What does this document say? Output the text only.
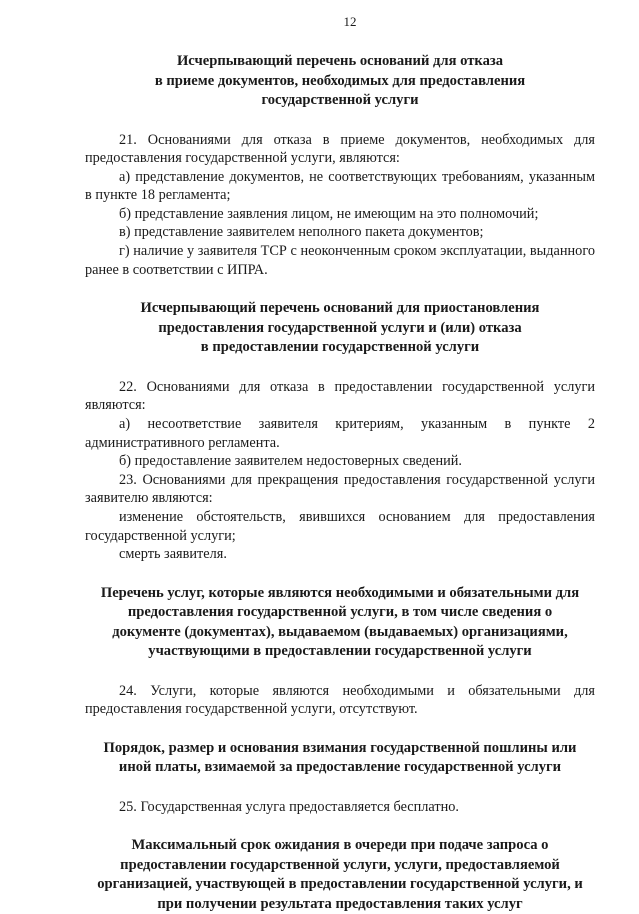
12
Исчерпывающий перечень оснований для отказа
в приеме документов, необходимых для предоставления
государственной услуги

21. Основаниями для отказа в приеме документов, необходимых для предоставления государственной услуги, являются:

а) представление документов, не соответствующих требованиям, указанным в пункте 18 регламента;

б) представление заявления лицом, не имеющим на это полномочий;

в) представление заявителем неполного пакета документов;

г) наличие у заявителя ТСР с неоконченным сроком эксплуатации, выданного ранее в соответствии с ИПРА.

Исчерпывающий перечень оснований для приостановления
предоставления государственной услуги и (или) отказа
в предоставлении государственной услуги

22. Основаниями для отказа в предоставлении государственной услуги являются:

а) несоответствие заявителя критериям, указанным в пункте 2 административного регламента.

б) предоставление заявителем недостоверных сведений.

23. Основаниями для прекращения предоставления государственной услуги заявителю являются:

изменение обстоятельств, явившихся основанием для предоставления государственной услуги;

смерть заявителя.

Перечень услуг, которые являются необходимыми и обязательными для
предоставления государственной услуги, в том числе сведения о
документе (документах), выдаваемом (выдаваемых) организациями,
участвующими в предоставлении государственной услуги

24. Услуги, которые являются необходимыми и обязательными для предоставления государственной услуги, отсутствуют.

Порядок, размер и основания взимания государственной пошлины или
иной платы, взимаемой за предоставление государственной услуги

25. Государственная услуга предоставляется бесплатно.

Максимальный срок ожидания в очереди при подаче запроса о
предоставлении государственной услуги, услуги, предоставляемой
организацией, участвующей в предоставлении государственной услуги, и
при получении результата предоставления таких услуг
